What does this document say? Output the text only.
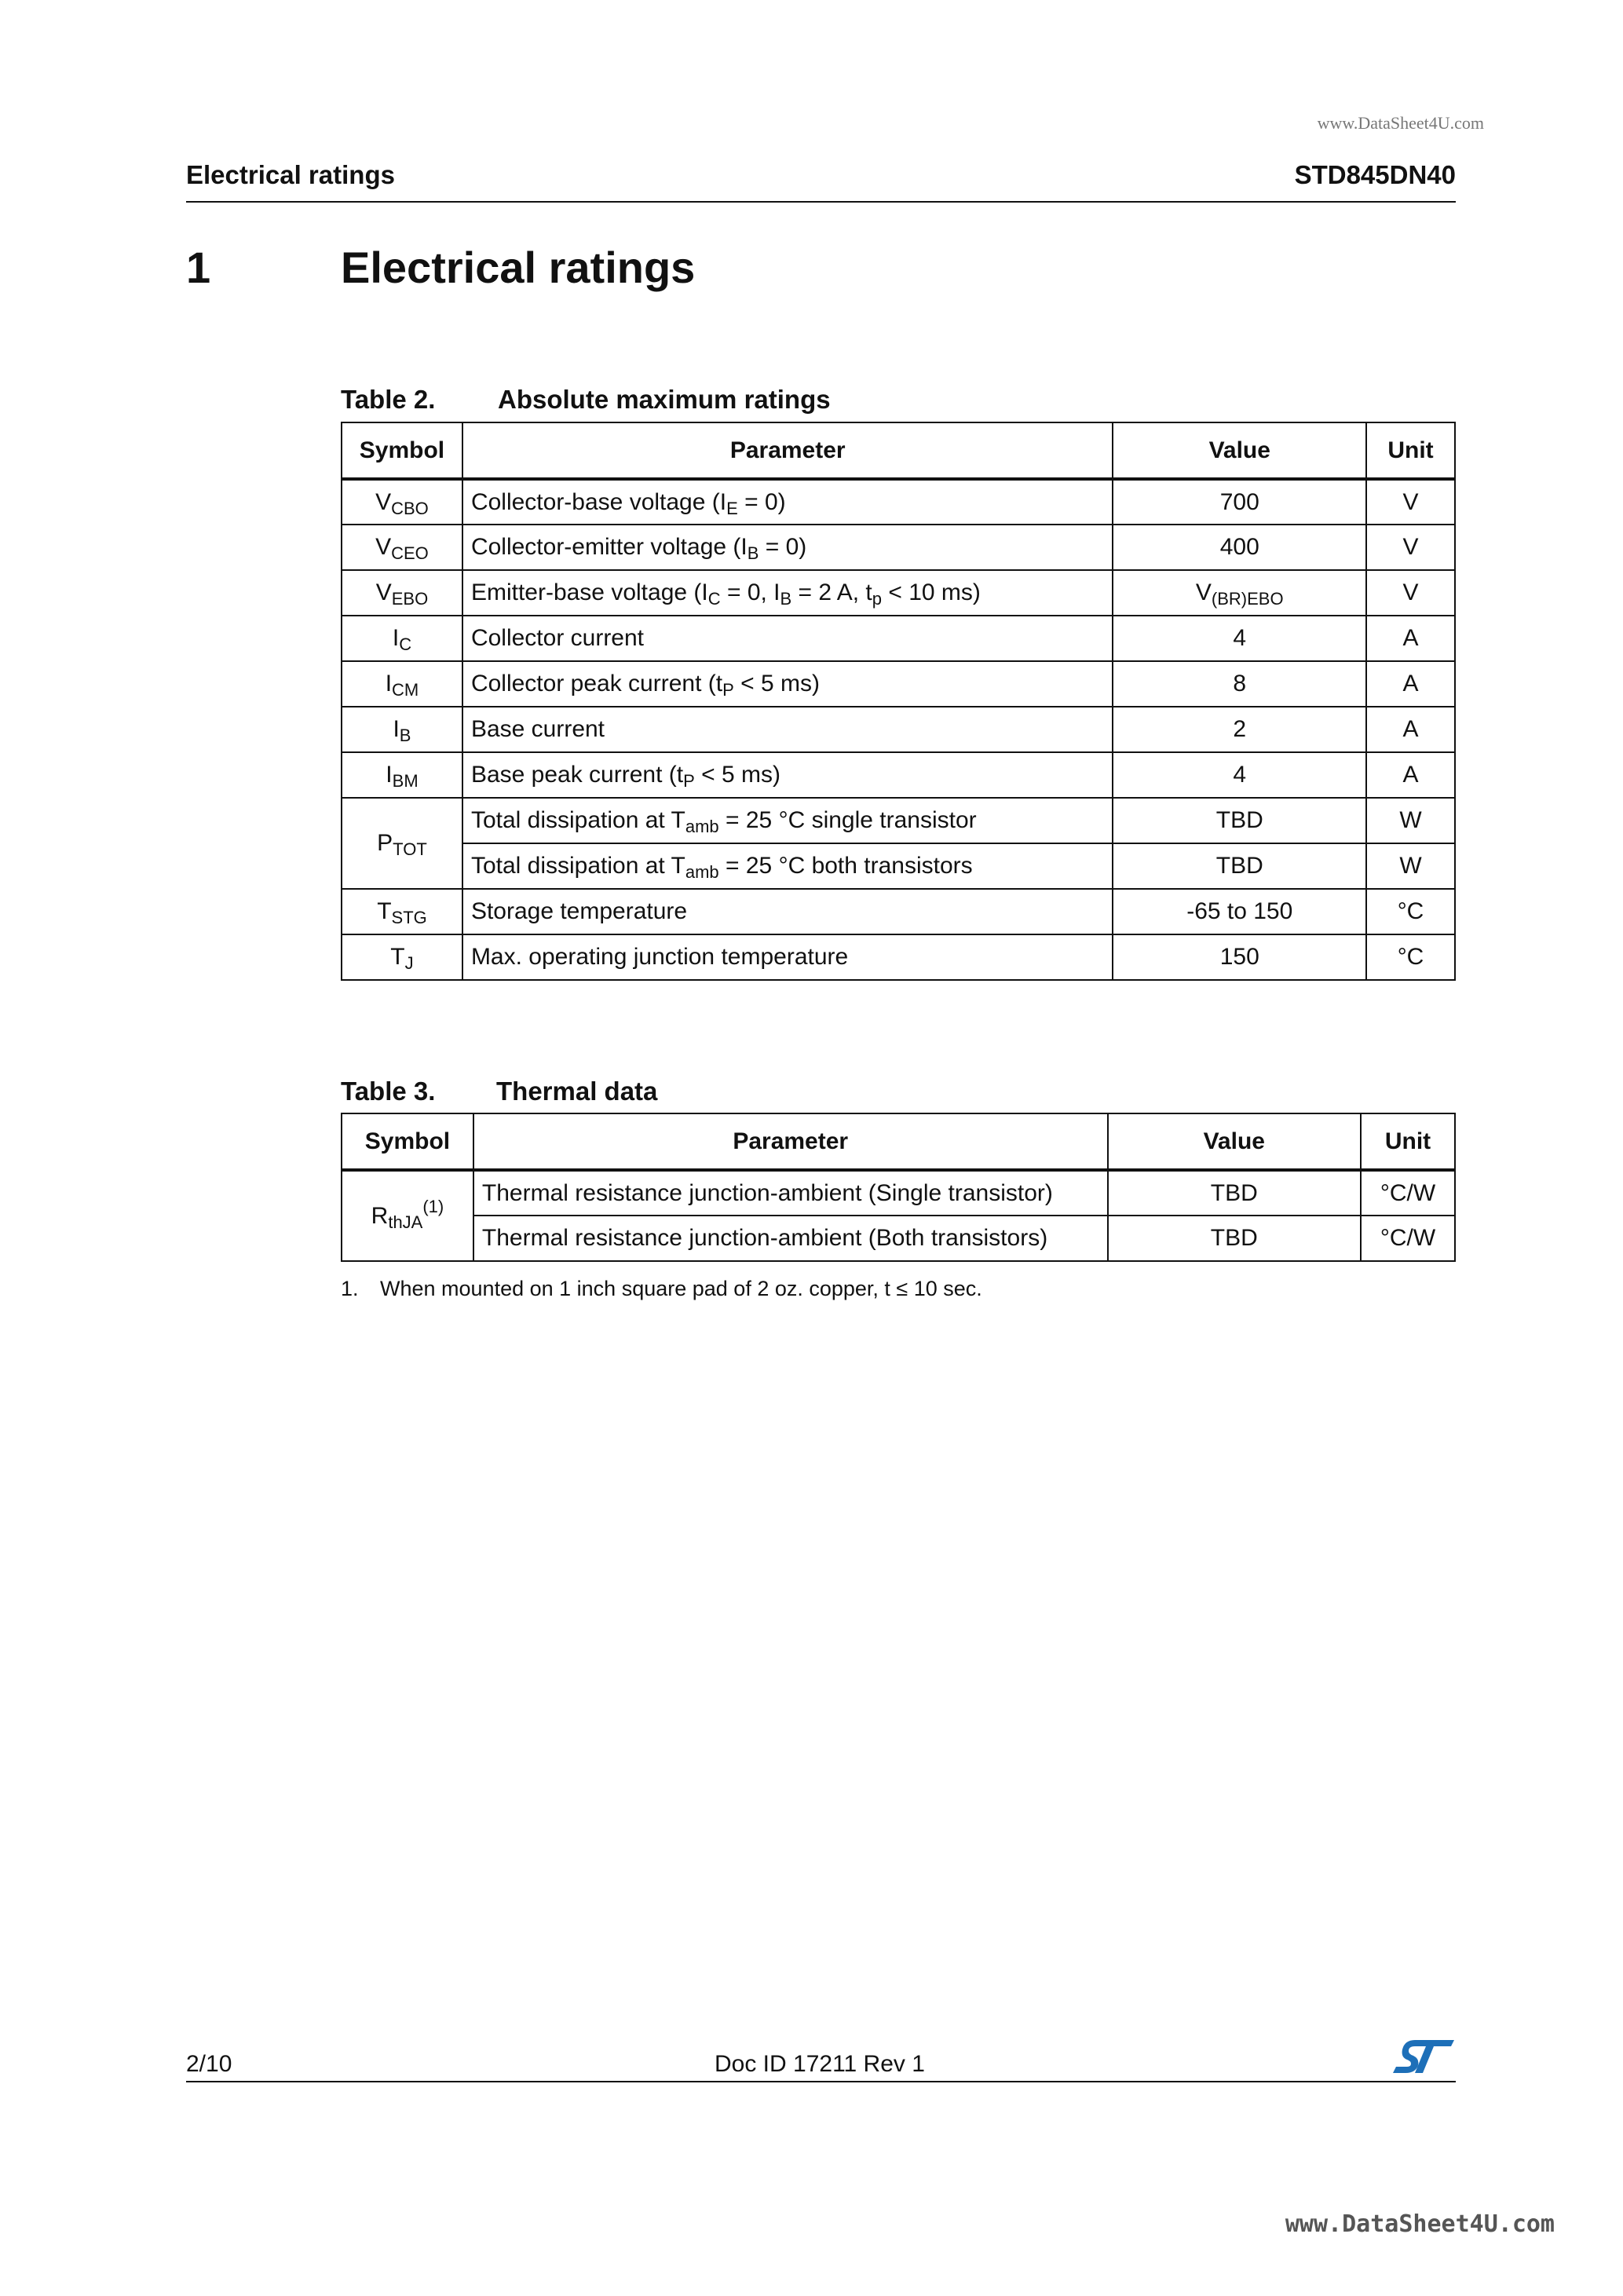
www.DataSheet4U.com
Electrical ratings	STD845DN40
1	Electrical ratings
Table 2. Absolute maximum ratings
Symbol	Parameter	Value	Unit
$V_{CBO}$	Collector-base voltage $(I_E = 0)$	700	V
$V_{CEO}$	Collector-emitter voltage $(I_B = 0)$	400	V
$V_{EBO}$	Emitter-base voltage ($I_C = 0$, $I_B = 2$ A, $t_p < 10$ ms)	$V_{(BR)EBO}$	V
$I_C$	Collector current	4	A
$I_{CM}$	Collector peak current ($t_P < 5$ ms)	8	A
$I_B$	Base current	2	A
$I_{BM}$	Base peak current ($t_P < 5$ ms)	4	A
$P_{TOT}$	Total dissipation at $T_{amb} = 25$ °C single transistor	TBD	W
	Total dissipation at $T_{amb} = 25$ °C both transistors	TBD	W
$T_{STG}$	Storage temperature	-65 to 150	°C
$T_J$	Max. operating junction temperature	150	°C
Table 3. Thermal data
Symbol	Parameter	Value	Unit
$R_{thJA}^{(1)}$	Thermal resistance junction-ambient (Single transistor)	TBD	°C/W
	Thermal resistance junction-ambient (Both transistors)	TBD	°C/W
1. When mounted on 1 inch square pad of 2 oz. copper, t ≤ 10 sec.
2/10	Doc ID 17211 Rev 1
www.DataSheet4U.com
